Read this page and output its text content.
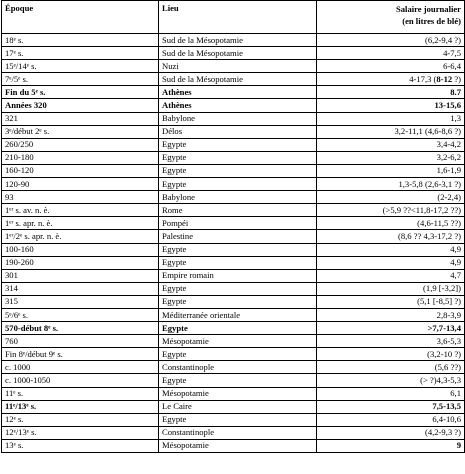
Époque	Lieu	Salaire journalier
(en litres de blé)
18ᵉ s.	Sud de la Mésopotamie	(6,2-9,4 ?)
17ᵉ s.	Sud de la Mésopotamie	4-7,5
15ᵉ/14ᵉ s.	Nuzi	6-6,4
7ᵉ/5ᵉ s.	Sud de la Mésopotamie	4-17,3 (8-12 ?)
Fin du 5ᵉ s.	Athènes	8.7
Années 320	Athènes	13-15,6
321	Babylone	1,3
3ᵉ/début 2ᵉ s.	Délos	3,2-11,1 (4,6-8,6 ?)
260/250	Egypte	3,4-4,2
210-180	Egypte	3,2-6,2
160-120	Egypte	1,6-1,9
120-90	Egypte	1,3-5,8 (2,6-3,1 ?)
93	Babylone	(2-2,4)
1ᵉʳ s. av. n. è.	Rome	(>5,9 ??<11,8-17,2 ??)
1ᵉʳ s. apr. n. è.	Pompéi	(4,6-11,5 ??)
1ᵉʳ/2ᵉ s. apr. n. è.	Palestine	(8,6 ?? 4,3-17,2 ?)
100-160	Egypte	4,9
190-260	Egypte	4,9
301	Empire romain	4,7
314	Egypte	(1,9 [-3,2])
315	Egypte	(5,1 [-8,5] ?)
5ᵉ/6ᵉ s.	Méditerranée orientale	2,8-3,9
570-début 8ᵉ s.	Egypte	>7,7-13,4
760	Mésopotamie	3,6-5,3
Fin 8ᵉ/début 9ᵉ s.	Egypte	(3,2-10 ?)
c. 1000	Constantinople	(5,6 ??)
c. 1000-1050	Egypte	(> ?)4,3-5,3
11ᵉ s.	Mésopotamie	6,1
11ᵉ/13ᵉ s.	Le Caire	7,5-13,5
12ᵉ s.	Egypte	6,4-10,6
12ᵉ/13ᵉ s.	Constantinople	(4,2-9,3 ?)
13ᵉ s.	Mésopotamie	9
